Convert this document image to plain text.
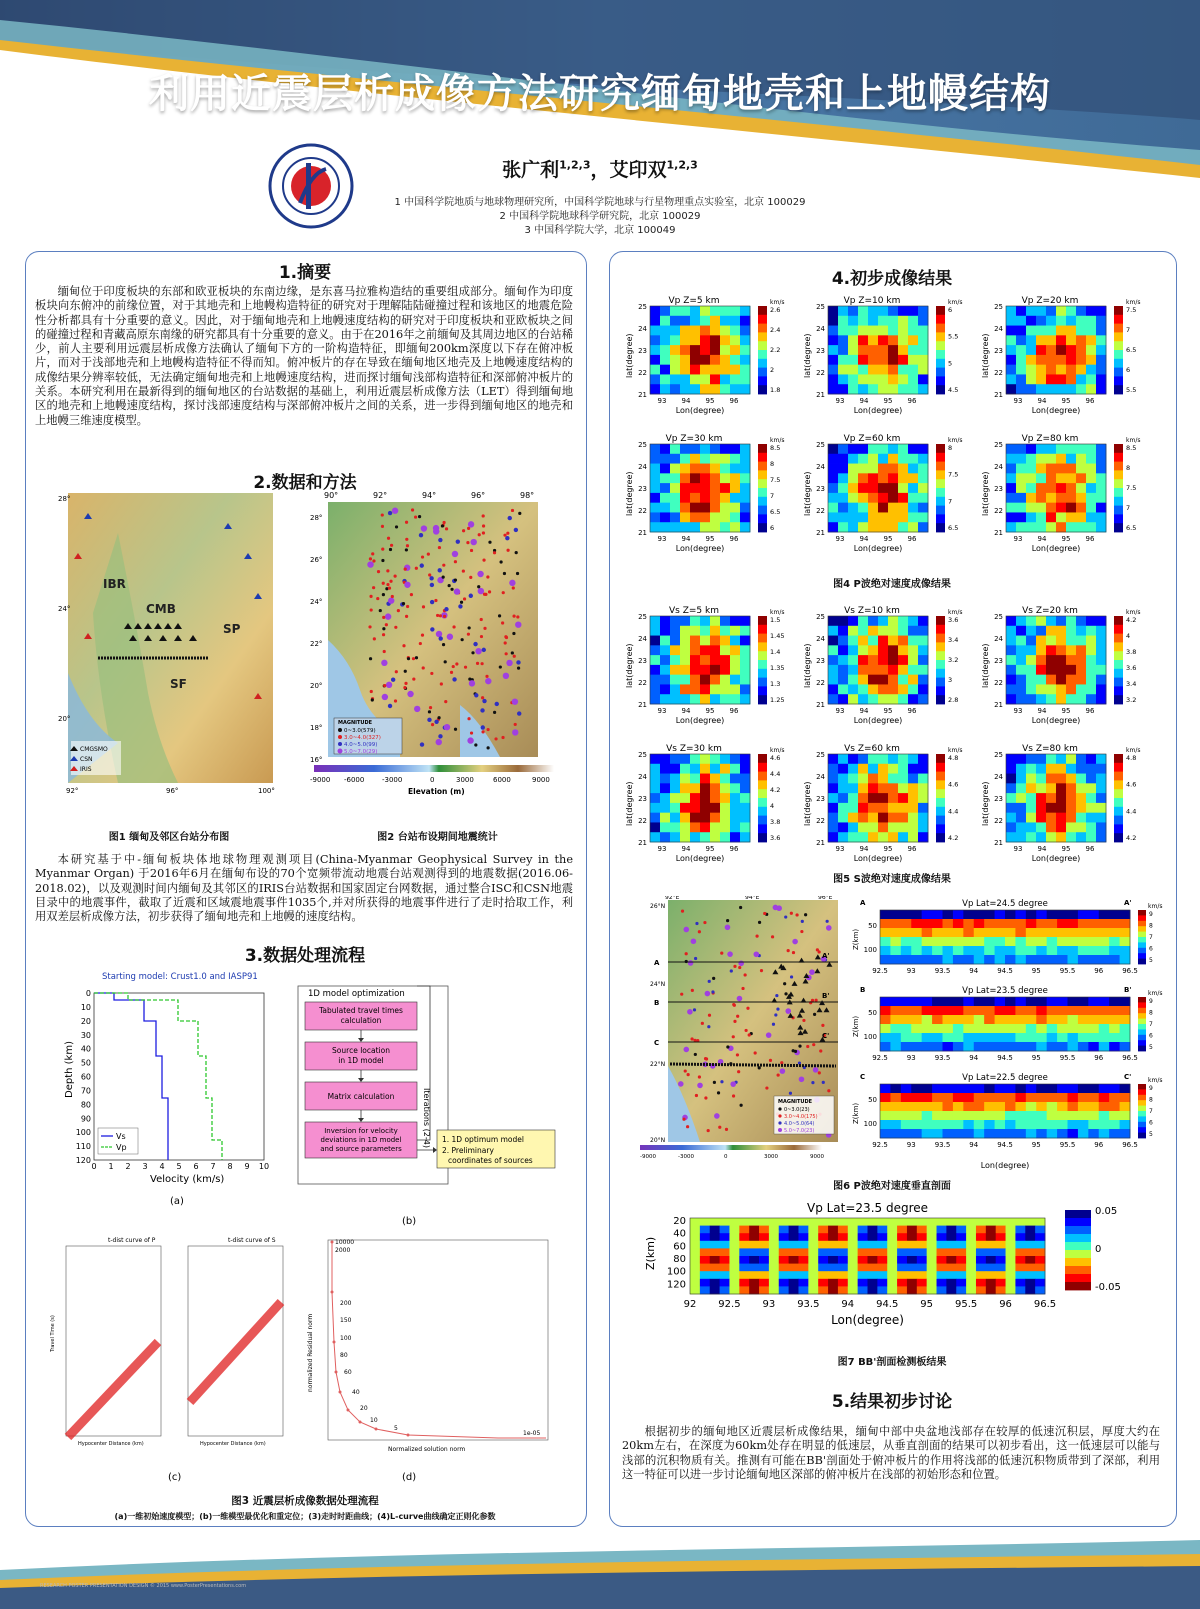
利用近震层析成像方法研究缅甸地壳和上地幔结构
张广利$^{1,2,3}$，艾印双$^{1,2,3}$
1 中国科学院地质与地球物理研究所，中国科学院地球与行星物理重点实验室，北京 100029
2 中国科学院地球科学研究院，北京 100029
3 中国科学院大学，北京 100049
1.摘要
缅甸位于印度板块的东部和欧亚板块的东南边缘，是东喜马拉雅构造结的重要组成部分。缅甸作为印度板块向东俯冲的前缘位置，对于其地壳和上地幔构造特征的研究对于理解陆陆碰撞过程和该地区的地震危险性分析都具有十分重要的意义。因此，对于缅甸地壳和上地幔速度结构的研究对于印度板块和亚欧板块之间的碰撞过程和青藏高原东南缘的研究都具有十分重要的意义。由于在2016年之前缅甸及其周边地区的台站稀少，前人主要利用远震层析成像方法确认了缅甸下方的一阶构造特征，即缅甸200km深度以下存在俯冲板片，而对于浅部地壳和上地幔构造特征不得而知。俯冲板片的存在导致在缅甸地区地壳及上地幔速度结构的成像结果分辨率较低，无法确定缅甸地壳和上地幔速度结构，进而探讨缅甸浅部构造特征和深部俯冲板片的关系。本研究利用在最新得到的缅甸地区的台站数据的基础上，利用近震层析成像方法（LET）得到缅甸地区的地壳和上地幔速度结构，探讨浅部速度结构与深部俯冲板片之间的关系，进一步得到缅甸地区的地壳和上地幔三维速度模型。
2.数据和方法
IBR
CMB
SP
SF
28°
24°
20°
92°	96°	100°
CMGSMO
CSN
IRIS
90°	92°	94°	96°	98°
28°
26°
24°
22°
20°
18°
16°
MAGNITUDE
0~3.0(579)
3.0~4.0(327)
4.0~5.0(99)
5.0~7.0(29)
-9000 -6000	-3000	0	3000	6000	9000
Elevation (m)
图1 缅甸及邻区台站分布图	图2 台站布设期间地震统计
本研究基于中-缅甸板块体地球物理观测项目(China-Myanmar Geophysical Survey in the Myanmar Organ) 于2016年6月在缅甸布设的70个宽频带流动地震台站观测得到的地震数据(2016.06-2018.02)，以及观测时间内缅甸及其邻区的IRIS台站数据和国家固定台网数据，通过整合ISC和CSN地震目录中的地震事件，截取了近震和区域震地震事件1035个,并对所获得的地震事件进行了走时拾取工作，利用双差层析成像方法，初步获得了缅甸地壳和上地幔的速度结构。
3.数据处理流程
Starting model: Crust1.0 and IASP91
0
10
20
30
40
50
60
70
80
90
100
110
120
0 1 2 3 4 5 6 7 8 9 10
Vs
Vp
Velocity (km/s)
Depth (km)
(a)
1D model optimization
Tabulated travel times
calculation
Source location
in 1D model
Matrix calculation
Inversion for velocity
deviations in 1D model
and source parameters
Iterations (2-4) 1. 1D optimum model
2. Preliminary
coordinates of sources
(b)
t-dist curve of P	t-dist curve of S
Hypocenter Distance (km)	Hypocenter Distance (km)
Travel Time (s)
(c)
10000
2000
200
150
100
80
60
40
20
10
5
1e-05
Normalized solution norm
normalized Residual norm
(d)
图3 近震层析成像数据处理流程
(a)一维初始速度模型；(b)一维模型最优化和重定位；(3)走时时距曲线；(4)L-curve曲线确定正则化参数
4.初步成像结果
Vp Z=5 km
25
24
23
22
21
93 94 95 96
Lon(degree)
lat(degree)
km/s
2.6
2.4
2.2
2
1.8
Vp Z=10 km
25
24
23
22
21
93 94 95 96
Lon(degree)
lat(degree)
km/s
6
5.5
5
4.5
Vp Z=20 km
25
24
23
22
21
93 94 95 96
Lon(degree)
lat(degree)
km/s
7.5
7
6.5
6
5.5
Vp Z=30 km
25
24
23
22
21
93 94 95 96
Lon(degree)
lat(degree)
km/s
8.5
8
7.5
7
6.5
6
Vp Z=60 km
25
24
23
22
21
93 94 95 96
Lon(degree)
lat(degree)
km/s
8
7.5
7
6.5
Vp Z=80 km
25
24
23
22
21
93 94 95 96
Lon(degree)
lat(degree)
km/s
8.5
8
7.5
7
6.5
图4 P波绝对速度成像结果
Vs Z=5 km
25
24
23
22
21
93 94 95 96
Lon(degree)
lat(degree)
km/s
1.5
1.45
1.4
1.35
1.3
1.25
Vs Z=10 km
25
24
23
22
21
93 94 95 96
Lon(degree)
lat(degree)
km/s
3.6
3.4
3.2
3
2.8
Vs Z=20 km
25
24
23
22
21
93 94 95 96
Lon(degree)
lat(degree)
km/s
4.2
4
3.8
3.6
3.4
3.2
Vs Z=30 km
25
24
23
22
21
93 94 95 96
Lon(degree)
lat(degree)
km/s
4.6
4.4
4.2
4
3.8
3.6
Vs Z=60 km
25
24
23
22
21
93 94 95 96
Lon(degree)
lat(degree)
km/s
4.8
4.6
4.4
4.2
Vs Z=80 km
25
24
23
22
21
93 94 95 96
Lon(degree)
lat(degree)
km/s
4.8
4.6
4.4
4.2
图5 S波绝对速度成像结果
A
A'
B
B'
C
C'
26°N
24°N
22°N
20°N
92°E	94°E	96°E
MAGNITUDE
0~3.0(23)
3.0~4.0(175)
4.0~5.0(64)
5.0~7.0(23)
-9000	-3000	0	3000	9000
Vp Lat=24.5 degree
A	A'
50
100
92.5	93	93.5	94	94.5	95	95.5	96	96.5
Z(km)
km/s
9
8
7
6
5
Vp Lat=23.5 degree
B	B'
50
100
92.5	93	93.5	94	94.5	95	95.5	96	96.5
Z(km)
km/s
9
8
7
6
5
Vp Lat=22.5 degree
C	C'
50
100
92.5	93	93.5	94	94.5	95	95.5	96	96.5
Z(km)
km/s
9
8
7
6
5
Lon(degree)
图6 P波绝对速度垂直剖面
Vp Lat=23.5 degree
20
40
60
80
100
120
92 92.5 93 93.5 94 94.5 95 95.5 96 96.5
Lon(degree)
Z(km)
0.05
0
-0.05
图7 BB'剖面检测板结果
5.结果初步讨论
根据初步的缅甸地区近震层析成像结果，缅甸中部中央盆地浅部存在较厚的低速沉积层，厚度大约在20km左右，在深度为60km处存在明显的低速层，从垂直剖面的结果可以初步看出，这一低速层可以能与浅部的沉积物质有关。推测有可能在BB'剖面处于俯冲板片的作用将浅部的低速沉积物质带到了深部，利用这一特征可以进一步讨论缅甸地区深部的俯冲板片在浅部的初始形态和位置。
RESEARCH POSTER PRESENTATION DESIGN © 2015 www.PosterPresentations.com
